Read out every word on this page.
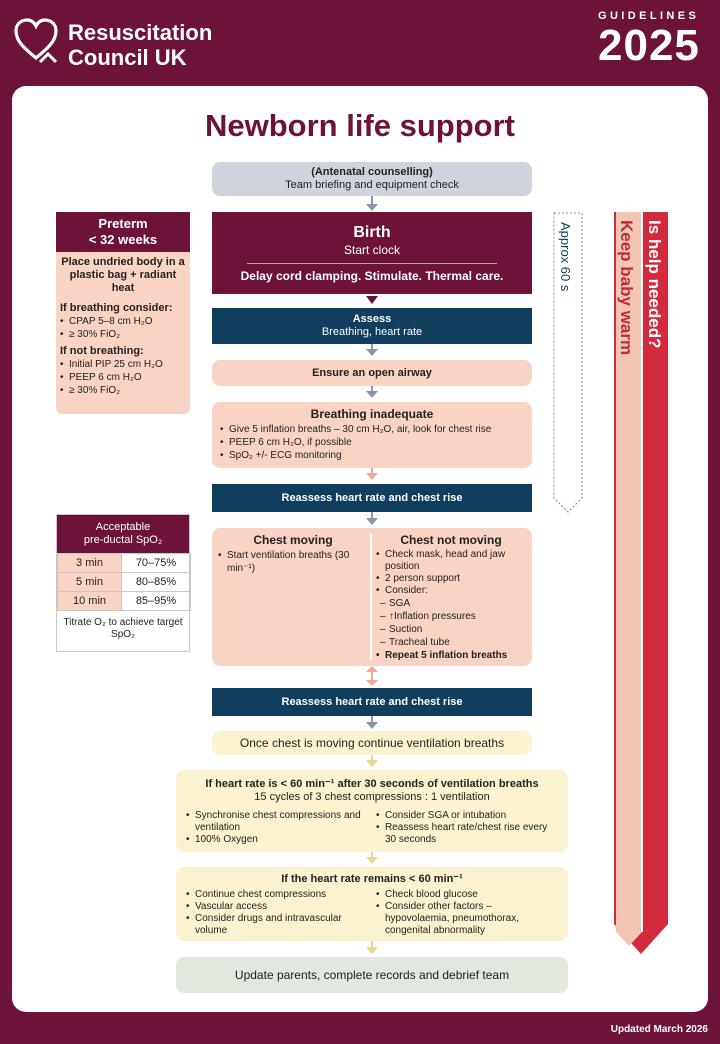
Resuscitation
Council UK
GUIDELINES
2025
Newborn life support
Approx 60 s	Keep baby warm Is help needed?
(Antenatal counselling)
Team briefing and equipment check
Birth
Start clock
Delay cord clamping. Stimulate. Thermal care.
Assess
Breathing, heart rate
Ensure an open airway
Breathing inadequate
• Give 5 inflation breaths – 30 cm H₂O, air, look for chest rise
• PEEP 6 cm H₂O, if possible
• SpO₂ +/- ECG monitoring
Reassess heart rate and chest rise
Chest moving
• Start ventilation breaths (30 min⁻¹)
Chest not moving
• Check mask, head and jaw position
• 2 person support
• Consider:
– SGA
– ↑Inflation pressures
– Suction
– Tracheal tube
• Repeat 5 inflation breaths
Reassess heart rate and chest rise
Once chest is moving continue ventilation breaths
If heart rate is < 60 min⁻¹ after 30 seconds of ventilation breaths
15 cycles of 3 chest compressions : 1 ventilation
• Synchronise chest compressions and ventilation
• 100% Oxygen
• Consider SGA or intubation
• Reassess heart rate/chest rise every 30 seconds
If the heart rate remains < 60 min⁻¹
• Continue chest compressions
• Vascular access
• Consider drugs and intravascular volume
• Check blood glucose
• Consider other factors – hypovolaemia, pneumothorax, congenital abnormality
Update parents, complete records and debrief team
Preterm
< 32 weeks
Place undried body in a plastic bag + radiant heat
If breathing consider:
• CPAP 5–8 cm H₂O
• ≥ 30% FiO₂
If not breathing:
• Initial PIP 25 cm H₂O
• PEEP 6 cm H₂O
• ≥ 30% FiO₂
Acceptable
pre-ductal SpO₂
3 min	70–75%
5 min	80–85%
10 min	85–95%
Titrate O₂ to achieve target SpO₂
Updated March 2026
